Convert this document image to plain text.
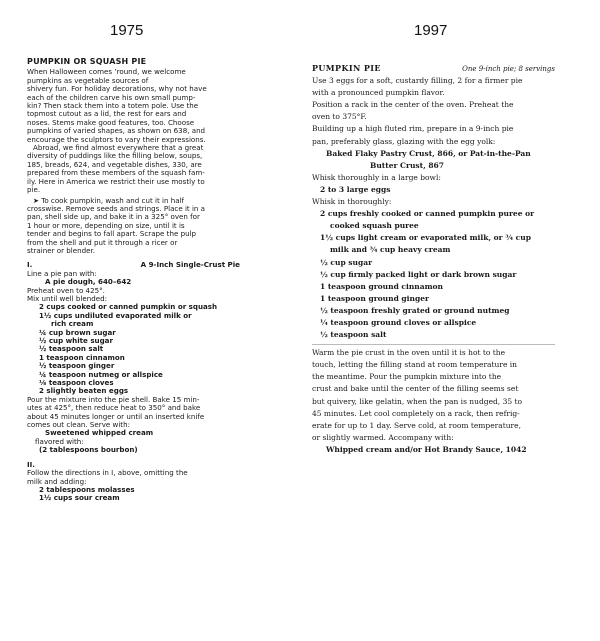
1975	1997
PUMPKIN OR SQUASH PIE
When Halloween comes ’round, we welcome
pumpkins as vegetable sources of
shivery fun. For holiday decorations, why not have
each of the children carve his own small pump-
kin? Then stack them into a totem pole. Use the
topmost cutout as a lid, the rest for ears and
noses. Stems make good features, too. Choose
pumpkins of varied shapes, as shown on 638, and
encourage the sculptors to vary their expressions.
Abroad, we find almost everywhere that a great
diversity of puddings like the filling below, soups,
185, breads, 624, and vegetable dishes, 330, are
prepared from these members of the squash fam-
ily. Here in America we restrict their use mostly to
pie.
➤ To cook pumpkin, wash and cut it in half
crosswise. Remove seeds and strings. Place it in a
pan, shell side up, and bake it in a 325° oven for
1 hour or more, depending on size, until it is
tender and begins to fall apart. Scrape the pulp
from the shell and put it through a ricer or
strainer or blender.
I.	A 9-Inch Single-Crust Pie
Line a pie pan with:
A pie dough, 640–642
Preheat oven to 425°.
Mix until well blended:
2 cups cooked or canned pumpkin or squash
1½ cups undiluted evaporated milk or
rich cream
¼ cup brown sugar
½ cup white sugar
½ teaspoon salt
1 teaspoon cinnamon
½ teaspoon ginger
¼ teaspoon nutmeg or allspice
⅛ teaspoon cloves
2 slightly beaten eggs
Pour the mixture into the pie shell. Bake 15 min-
utes at 425°, then reduce heat to 350° and bake
about 45 minutes longer or until an inserted knife
comes out clean. Serve with:
Sweetened whipped cream
flavored with:
(2 tablespoons bourbon)
II.
Follow the directions in I, above, omitting the
milk and adding:
2 tablespoons molasses
1½ cups sour cream
PUMPKIN PIE	One 9-inch pie; 8 servings
Use 3 eggs for a soft, custardy filling, 2 for a firmer pie
with a pronounced pumpkin flavor.
Position a rack in the center of the oven. Preheat the
oven to 375°F.
Building up a high fluted rim, prepare in a 9-inch pie
pan, preferably glass, glazing with the egg yolk:
Baked Flaky Pastry Crust, 866, or Pat-in-the-Pan
Butter Crust, 867
Whisk thoroughly in a large bowl:
2 to 3 large eggs
Whisk in thoroughly:
2 cups freshly cooked or canned pumpkin puree or
cooked squash puree
1½ cups light cream or evaporated milk, or ¾ cup
milk and ¾ cup heavy cream
½ cup sugar
½ cup firmly packed light or dark brown sugar
1 teaspoon ground cinnamon
1 teaspoon ground ginger
½ teaspoon freshly grated or ground nutmeg
¼ teaspoon ground cloves or allspice
½ teaspoon salt
Warm the pie crust in the oven until it is hot to the
touch, letting the filling stand at room temperature in
the meantime. Pour the pumpkin mixture into the
crust and bake until the center of the filling seems set
but quivery, like gelatin, when the pan is nudged, 35 to
45 minutes. Let cool completely on a rack, then refrig-
erate for up to 1 day. Serve cold, at room temperature,
or slightly warmed. Accompany with:
Whipped cream and/or Hot Brandy Sauce, 1042
